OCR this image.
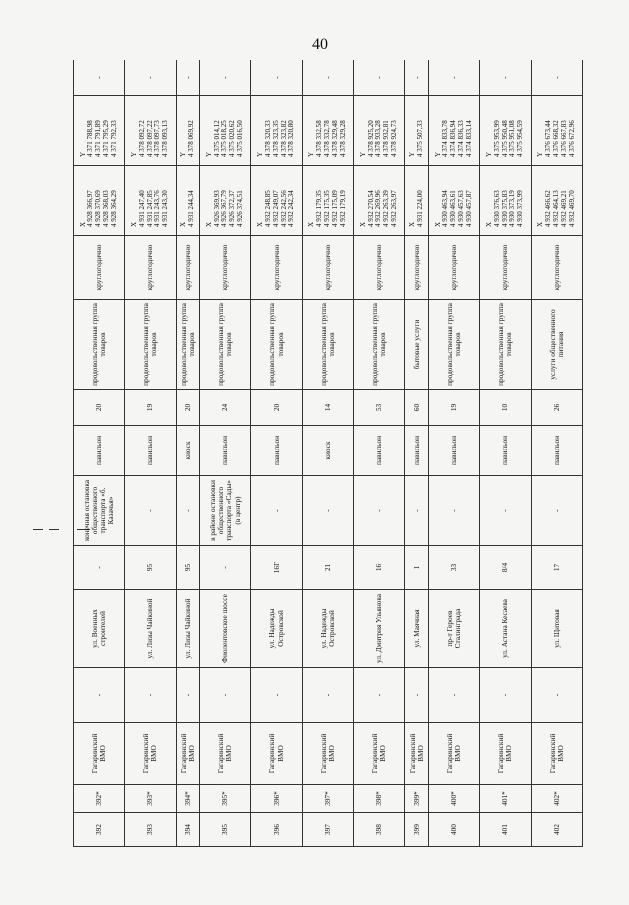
40
392	392*	Гагаринский ВМО	-	ул. Военных строителей	-	конечная остановка общественного транспорта «б. Казачья»	павильон	20	продовольственная группа товаров	круглогодично	X
4 928 366,97
4 928 370,69
4 928 368,03
4 928 364,29	Y
4 371 788,98
4 371 791,89
4 371 795,29
4 371 792,33	-
393	393*	Гагаринский ВМО	-	ул. Лизы Чайкиной	95	-	павильон	19	продовольственная группа товаров	круглогодично	X
4 931 247,40
4 931 247,85
4 931 243,76
4 931 243,30	Y
4 378 092,72
4 378 097,22
4 378 097,73
4 378 093,13	-
394	394*	Гагаринский ВМО	-	ул. Лизы Чайкиной	95	-	киоск	20	продовольственная группа товаров	круглогодично	X
4 931 244,34	Y
4 378 069,92	-
395	395*	Гагаринский ВМО	-	Фиолентовское шоссе	-	в районе остановки общественного транспорта «Сады» (в центр)	павильон	24	продовольственная группа товаров	круглогодично	X
4 926 369,93
4 926 367,79
4 926 372,37
4 926 374,51	Y
4 375 014,12
4 375 018,25
4 375 020,62
4 375 016,50	-
396	396*	Гагаринский ВМО	-	ул. Надежды Островской	16Г	-	павильон	20	продовольственная группа товаров	круглогодично	X
4 932 248,85
4 932 249,07
4 932 242,56
4 932 242,34	Y
4 378 320,33
4 378 323,35
4 378 323,82
4 378 320,80	-
397	397*	Гагаринский ВМО	-	ул. Надежды Островской	21	-	киоск	14	продовольственная группа товаров	круглогодично	X
4 932 179,35
4 932 175,35
4 932 175,09
4 932 179,19	Y
4 378 332,58
4 378 332,78
4 378 329,48
4 378 329,28	-
398	398*	Гагаринский ВМО	-	ул. Дмитрия Ульянова	16	-	павильон	53	продовольственная группа товаров	круглогодично	X
4 932 270,54
4 932 269,96
4 932 263,39
4 932 263,97	Y
4 378 925,20
4 378 933,28
4 378 932,81
4 378 924,73	-
399	399*	Гагаринский ВМО	-	ул. Маячная	1	-	павильон	60	бытовые услуги	круглогодично	X
4 931 224,00	Y
4 375 507,33	-
400	400*	Гагаринский ВМО	-	пр-т Героев Сталинграда	33	-	павильон	19	продовольственная группа товаров	круглогодично	X
4 930 463,94
4 930 463,61
4 930 457,63
4 930 457,87	Y
4 374 833,78
4 374 836,94
4 374 836,33
4 374 833,14	-
401	401*	Гагаринский ВМО	-	ул. Астана Кесаева	8/4	-	павильон	10	продовольственная группа товаров	круглогодично	X
4 930 376,63
4 930 375,83
4 930 373,19
4 930 373,99	Y
4 375 953,99
4 375 950,48
4 375 951,08
4 375 954,59	-
402	402*	Гагаринский ВМО	-	ул. Щитовая	17	-	павильон	26	услуги общественного питания	круглогодично	X
4 932 466,62
4 932 464,13
4 932 469,21
4 932 469,70	Y
4 376 673,44
4 376 668,32
4 376 667,83
4 376 672,96	-
